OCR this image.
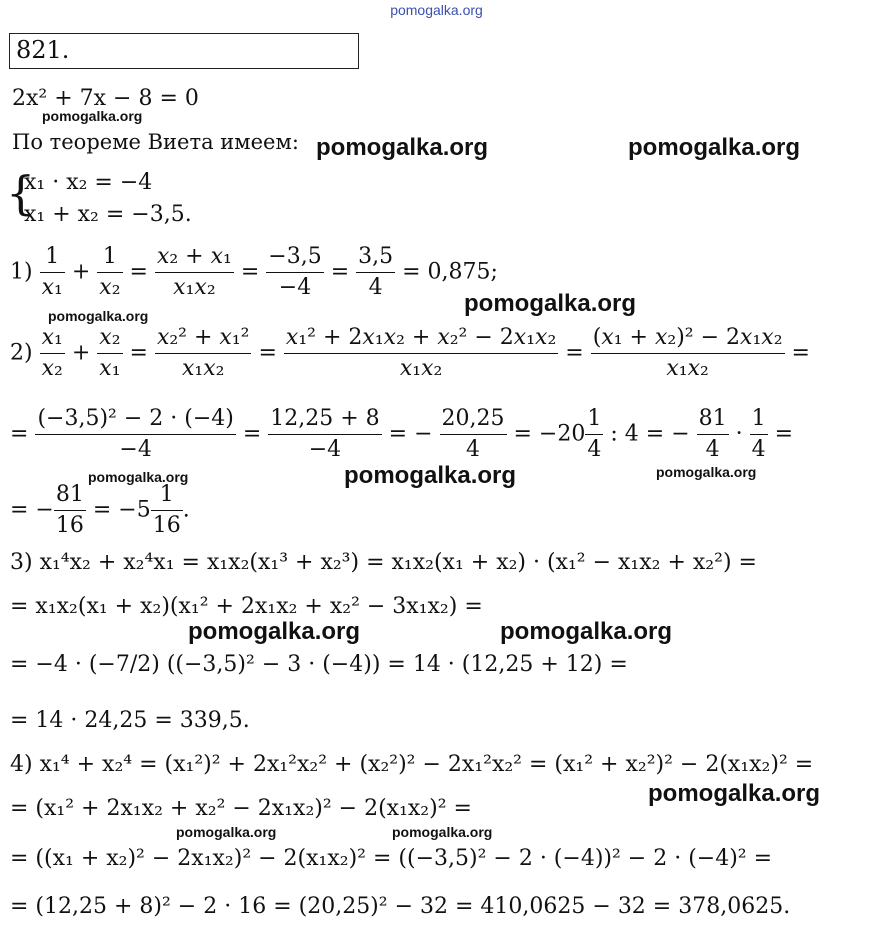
pomogalka.org
821.
2x² + 7x − 8 = 0
По теореме Виета имеем:
{
x₁ · x₂ = −4
x₁ + x₂ = −3,5.
$1) \frac{1}{\text{x₁}} + \frac{1}{\text{x₂}} = \frac{\text{x₂ + x₁}}{\text{x₁x₂}} = \frac{-3,5}{-4} = \frac{3,5}{4} = 0,875$;
$2) \frac{\text{x₁}}{\text{x₂}} + \frac{\text{x₂}}{\text{x₁}} = \frac{\text{x₂² + x₁²}}{\text{x₁x₂}} = \frac{\text{x₁² + 2x₁x₂ + x₂² − 2x₁x₂}}{\text{x₁x₂}} = \frac{\text{(x₁ + x₂)² − 2x₁x₂}}{\text{x₁x₂}}$ =
= $\frac{\text{(−3,5)² − 2 · (−4)}}{-4} = \frac{12,25 + 8}{-4}$ = − $\frac{20,25}{4} = -20 \frac{1}{4}$ : 4 = − $\frac{81}{4} \cdot \frac{1}{4}$ =
= − $\frac{81}{16} = -5 \frac{1}{16}$ .
3) x₁⁴x₂ + x₂⁴x₁ = x₁x₂(x₁³ + x₂³) = x₁x₂(x₁ + x₂) · (x₁² − x₁x₂ + x₂²) =
= x₁x₂(x₁ + x₂)(x₁² + 2x₁x₂ + x₂² − 3x₁x₂) =
= −4 · (−7/2) ((−3,5)² − 3 · (−4)) = 14 · (12,25 + 12) =
= 14 · 24,25 = 339,5.
4) x₁⁴ + x₂⁴ = (x₁²)² + 2x₁²x₂² + (x₂²)² − 2x₁²x₂² = (x₁² + x₂²)² − 2(x₁x₂)² =
= (x₁² + 2x₁x₂ + x₂² − 2x₁x₂)² − 2(x₁x₂)² =
= ((x₁ + x₂)² − 2x₁x₂)² − 2(x₁x₂)² = ((−3,5)² − 2 · (−4))² − 2 · (−4)² =
= (12,25 + 8)² − 2 · 16 = (20,25)² − 32 = 410,0625 − 32 = 378,0625.
pomogalka.org
pomogalka.org	pomogalka.org
pomogalka.org
pomogalka.org
pomogalka.org	pomogalka.org	pomogalka.org
pomogalka.org	pomogalka.org
pomogalka.org
pomogalka.org	pomogalka.org
